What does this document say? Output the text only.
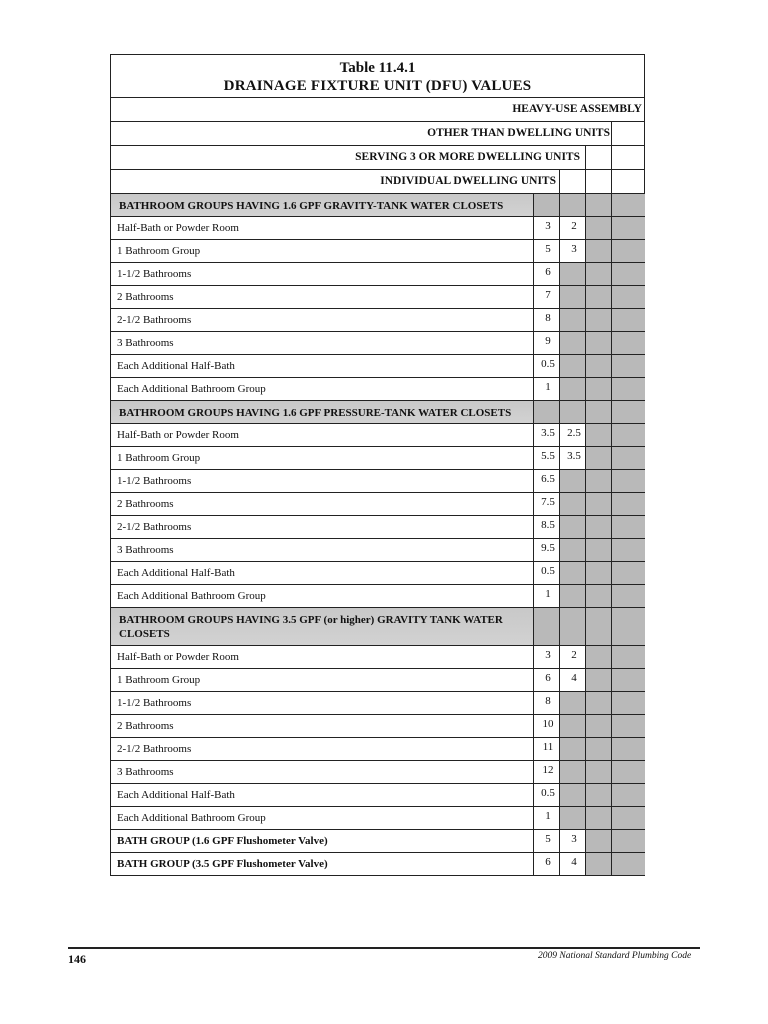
Table 11.4.1
DRAINAGE FIXTURE UNIT (DFU) VALUES
HEAVY-USE ASSEMBLY
OTHER THAN DWELLING UNITS
SERVING 3 OR MORE DWELLING UNITS
INDIVIDUAL DWELLING UNITS
BATHROOM GROUPS HAVING 1.6 GPF GRAVITY-TANK WATER CLOSETS
Half-Bath or Powder Room	3	2
1 Bathroom Group	5	3
1-1/2 Bathrooms	6
2 Bathrooms	7
2-1/2 Bathrooms	8
3 Bathrooms	9
Each Additional Half-Bath	0.5
Each Additional Bathroom Group	1
BATHROOM GROUPS HAVING 1.6 GPF PRESSURE-TANK WATER CLOSETS
Half-Bath or Powder Room	3.5	2.5
1 Bathroom Group	5.5	3.5
1-1/2 Bathrooms	6.5
2 Bathrooms	7.5
2-1/2 Bathrooms	8.5
3 Bathrooms	9.5
Each Additional Half-Bath	0.5
Each Additional Bathroom Group	1
BATHROOM GROUPS HAVING 3.5 GPF (or higher) GRAVITY TANK WATER CLOSETS
Half-Bath or Powder Room	3	2
1 Bathroom Group	6	4
1-1/2 Bathrooms	8
2 Bathrooms	10
2-1/2 Bathrooms	11
3 Bathrooms	12
Each Additional Half-Bath	0.5
Each Additional Bathroom Group	1
BATH GROUP (1.6 GPF Flushometer Valve)	5	3
BATH GROUP (3.5 GPF Flushometer Valve)	6	4
146	2009 National Standard Plumbing Code
